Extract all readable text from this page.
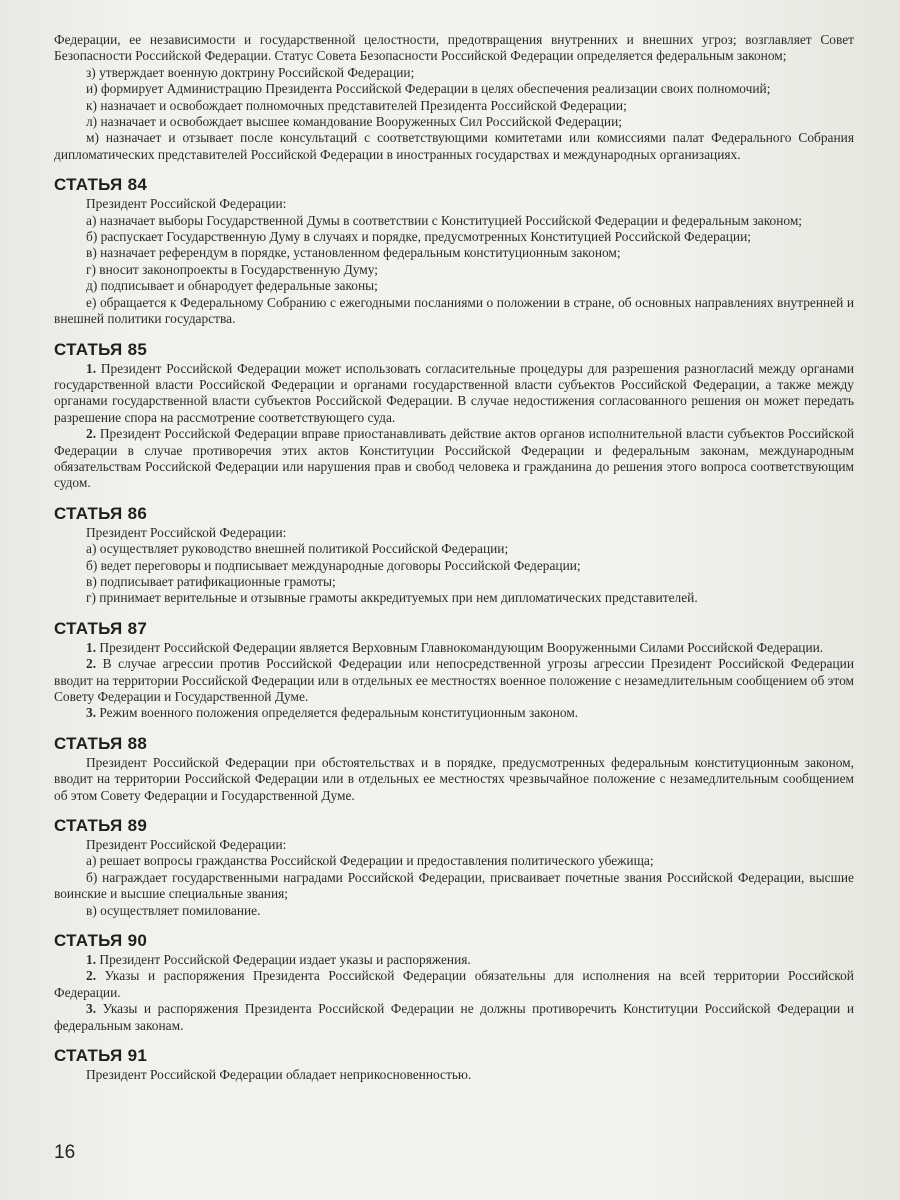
Федерации, ее независимости и государственной целостности, предотвращения внутренних и внешних угроз; возглавляет Совет Безопасности Российской Федерации. Статус Совета Безопасности Российской Федерации определяется федеральным законом;

з) утверждает военную доктрину Российской Федерации;

и) формирует Администрацию Президента Российской Федерации в целях обеспечения реализации своих полномочий;

к) назначает и освобождает полномочных представителей Президента Российской Федерации;

л) назначает и освобождает высшее командование Вооруженных Сил Российской Федерации;

м) назначает и отзывает после консультаций с соответствующими комитетами или комиссиями палат Федерального Собрания дипломатических представителей Российской Федерации в иностранных государствах и международных организациях.

СТАТЬЯ 84

Президент Российской Федерации:

а) назначает выборы Государственной Думы в соответствии с Конституцией Российской Федерации и федеральным законом;

б) распускает Государственную Думу в случаях и порядке, предусмотренных Конституцией Российской Федерации;

в) назначает референдум в порядке, установленном федеральным конституционным законом;

г) вносит законопроекты в Государственную Думу;

д) подписывает и обнародует федеральные законы;

е) обращается к Федеральному Собранию с ежегодными посланиями о положении в стране, об основных направлениях внутренней и внешней политики государства.

СТАТЬЯ 85

1. Президент Российской Федерации может использовать согласительные процедуры для разрешения разногласий между органами государственной власти Российской Федерации и органами государственной власти субъектов Российской Федерации, а также между органами государственной власти субъектов Российской Федерации. В случае недостижения согласованного решения он может передать разрешение спора на рассмотрение соответствующего суда.

2. Президент Российской Федерации вправе приостанавливать действие актов органов исполнительной власти субъектов Российской Федерации в случае противоречия этих актов Конституции Российской Федерации и федеральным законам, международным обязательствам Российской Федерации или нарушения прав и свобод человека и гражданина до решения этого вопроса соответствующим судом.

СТАТЬЯ 86

Президент Российской Федерации:

а) осуществляет руководство внешней политикой Российской Федерации;

б) ведет переговоры и подписывает международные договоры Российской Федерации;

в) подписывает ратификационные грамоты;

г) принимает верительные и отзывные грамоты аккредитуемых при нем дипломатических представителей.

СТАТЬЯ 87

1. Президент Российской Федерации является Верховным Главнокомандующим Вооруженными Силами Российской Федерации.

2. В случае агрессии против Российской Федерации или непосредственной угрозы агрессии Президент Российской Федерации вводит на территории Российской Федерации или в отдельных ее местностях военное положение с незамедлительным сообщением об этом Совету Федерации и Государственной Думе.

3. Режим военного положения определяется федеральным конституционным законом.

СТАТЬЯ 88

Президент Российской Федерации при обстоятельствах и в порядке, предусмотренных федеральным конституционным законом, вводит на территории Российской Федерации или в отдельных ее местностях чрезвычайное положение с незамедлительным сообщением об этом Совету Федерации и Государственной Думе.

СТАТЬЯ 89

Президент Российской Федерации:

а) решает вопросы гражданства Российской Федерации и предоставления политического убежища;

б) награждает государственными наградами Российской Федерации, присваивает почетные звания Российской Федерации, высшие воинские и высшие специальные звания;

в) осуществляет помилование.

СТАТЬЯ 90

1. Президент Российской Федерации издает указы и распоряжения.

2. Указы и распоряжения Президента Российской Федерации обязательны для исполнения на всей территории Российской Федерации.

3. Указы и распоряжения Президента Российской Федерации не должны противоречить Конституции Российской Федерации и федеральным законам.

СТАТЬЯ 91

Президент Российской Федерации обладает неприкосновенностью.

16
